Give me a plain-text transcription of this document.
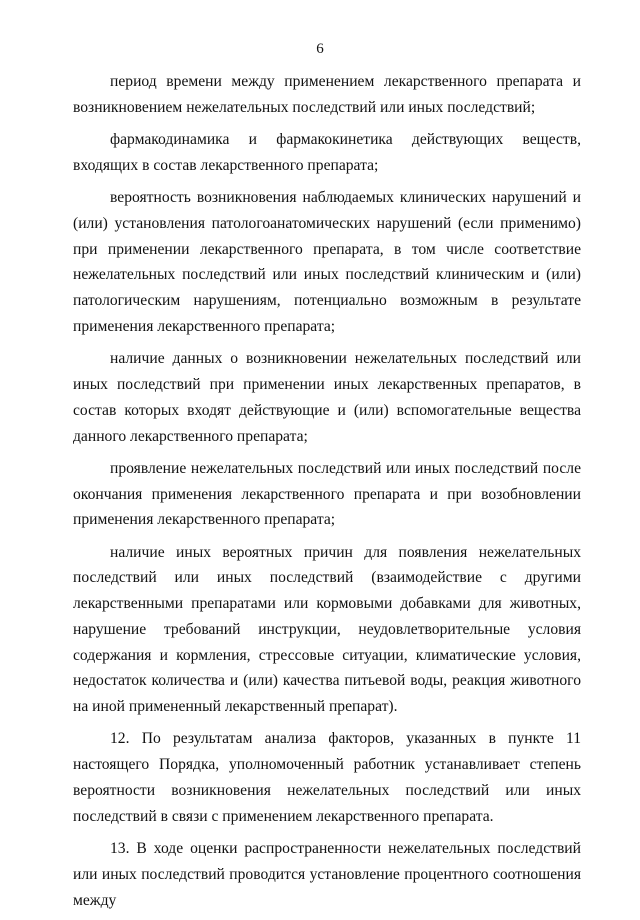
6

период времени между применением лекарственного препарата и возникновением нежелательных последствий или иных последствий;

фармакодинамика и фармакокинетика действующих веществ, входящих в состав лекарственного препарата;

вероятность возникновения наблюдаемых клинических нарушений и (или) установления патологоанатомических нарушений (если применимо) при применении лекарственного препарата, в том числе соответствие нежелательных последствий или иных последствий клиническим и (или) патологическим нарушениям, потенциально возможным в результате применения лекарственного препарата;

наличие данных о возникновении нежелательных последствий или иных последствий при применении иных лекарственных препаратов, в состав которых входят действующие и (или) вспомогательные вещества данного лекарственного препарата;

проявление нежелательных последствий или иных последствий после окончания применения лекарственного препарата и при возобновлении применения лекарственного препарата;

наличие иных вероятных причин для появления нежелательных последствий или иных последствий (взаимодействие с другими лекарственными препаратами или кормовыми добавками для животных, нарушение требований инструкции, неудовлетворительные условия содержания и кормления, стрессовые ситуации, климатические условия, недостаток количества и (или) качества питьевой воды, реакция животного на иной примененный лекарственный препарат).

12. По результатам анализа факторов, указанных в пункте 11 настоящего Порядка, уполномоченный работник устанавливает степень вероятности возникновения нежелательных последствий или иных последствий в связи с применением лекарственного препарата.

13. В ходе оценки распространенности нежелательных последствий или иных последствий проводится установление процентного соотношения между
